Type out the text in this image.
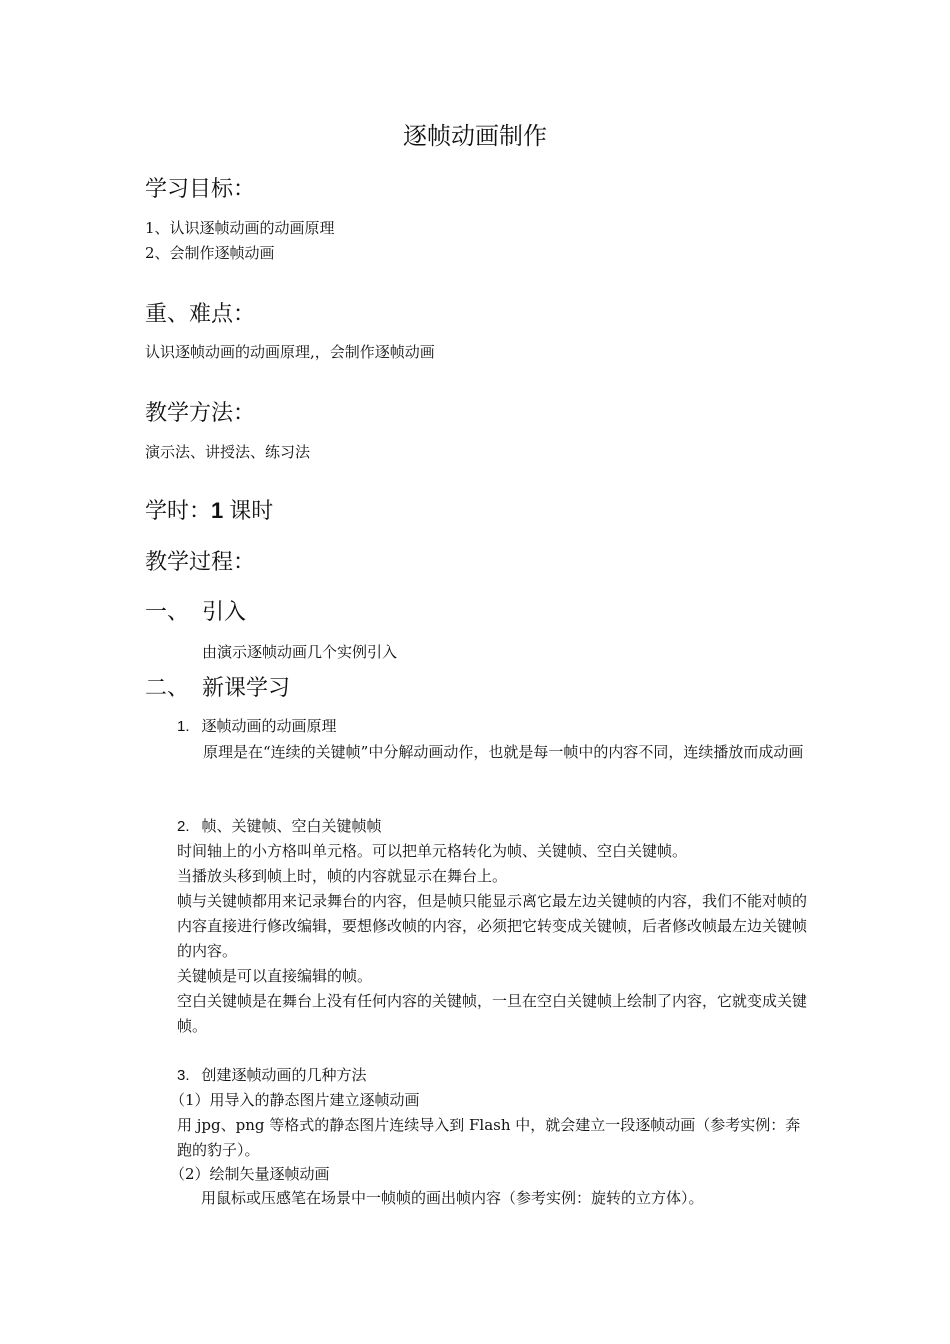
逐帧动画制作
学习目标：
1、认识逐帧动画的动画原理
2、会制作逐帧动画
重、难点：
认识逐帧动画的动画原理,，会制作逐帧动画
教学方法：
演示法、讲授法、练习法
学时：1 课时
教学过程：
一、 引入
由演示逐帧动画几个实例引入
二、 新课学习
1. 逐帧动画的动画原理
原理是在“连续的关键帧”中分解动画动作，也就是每一帧中的内容不同，连续播放而成动画
2. 帧、关键帧、空白关键帧帧
时间轴上的小方格叫单元格。可以把单元格转化为帧、关键帧、空白关键帧。
当播放头移到帧上时，帧的内容就显示在舞台上。
帧与关键帧都用来记录舞台的内容，但是帧只能显示离它最左边关键帧的内容，我们不能对帧的内容直接进行修改编辑，要想修改帧的内容，必须把它转变成关键帧，后者修改帧最左边关键帧的内容。
关键帧是可以直接编辑的帧。
空白关键帧是在舞台上没有任何内容的关键帧，一旦在空白关键帧上绘制了内容，它就变成关键帧。
3. 创建逐帧动画的几种方法
（1）用导入的静态图片建立逐帧动画
用 jpg、png 等格式的静态图片连续导入到 Flash 中，就会建立一段逐帧动画（参考实例：奔跑的豹子）。
（2）绘制矢量逐帧动画
用鼠标或压感笔在场景中一帧帧的画出帧内容（参考实例：旋转的立方体）。
